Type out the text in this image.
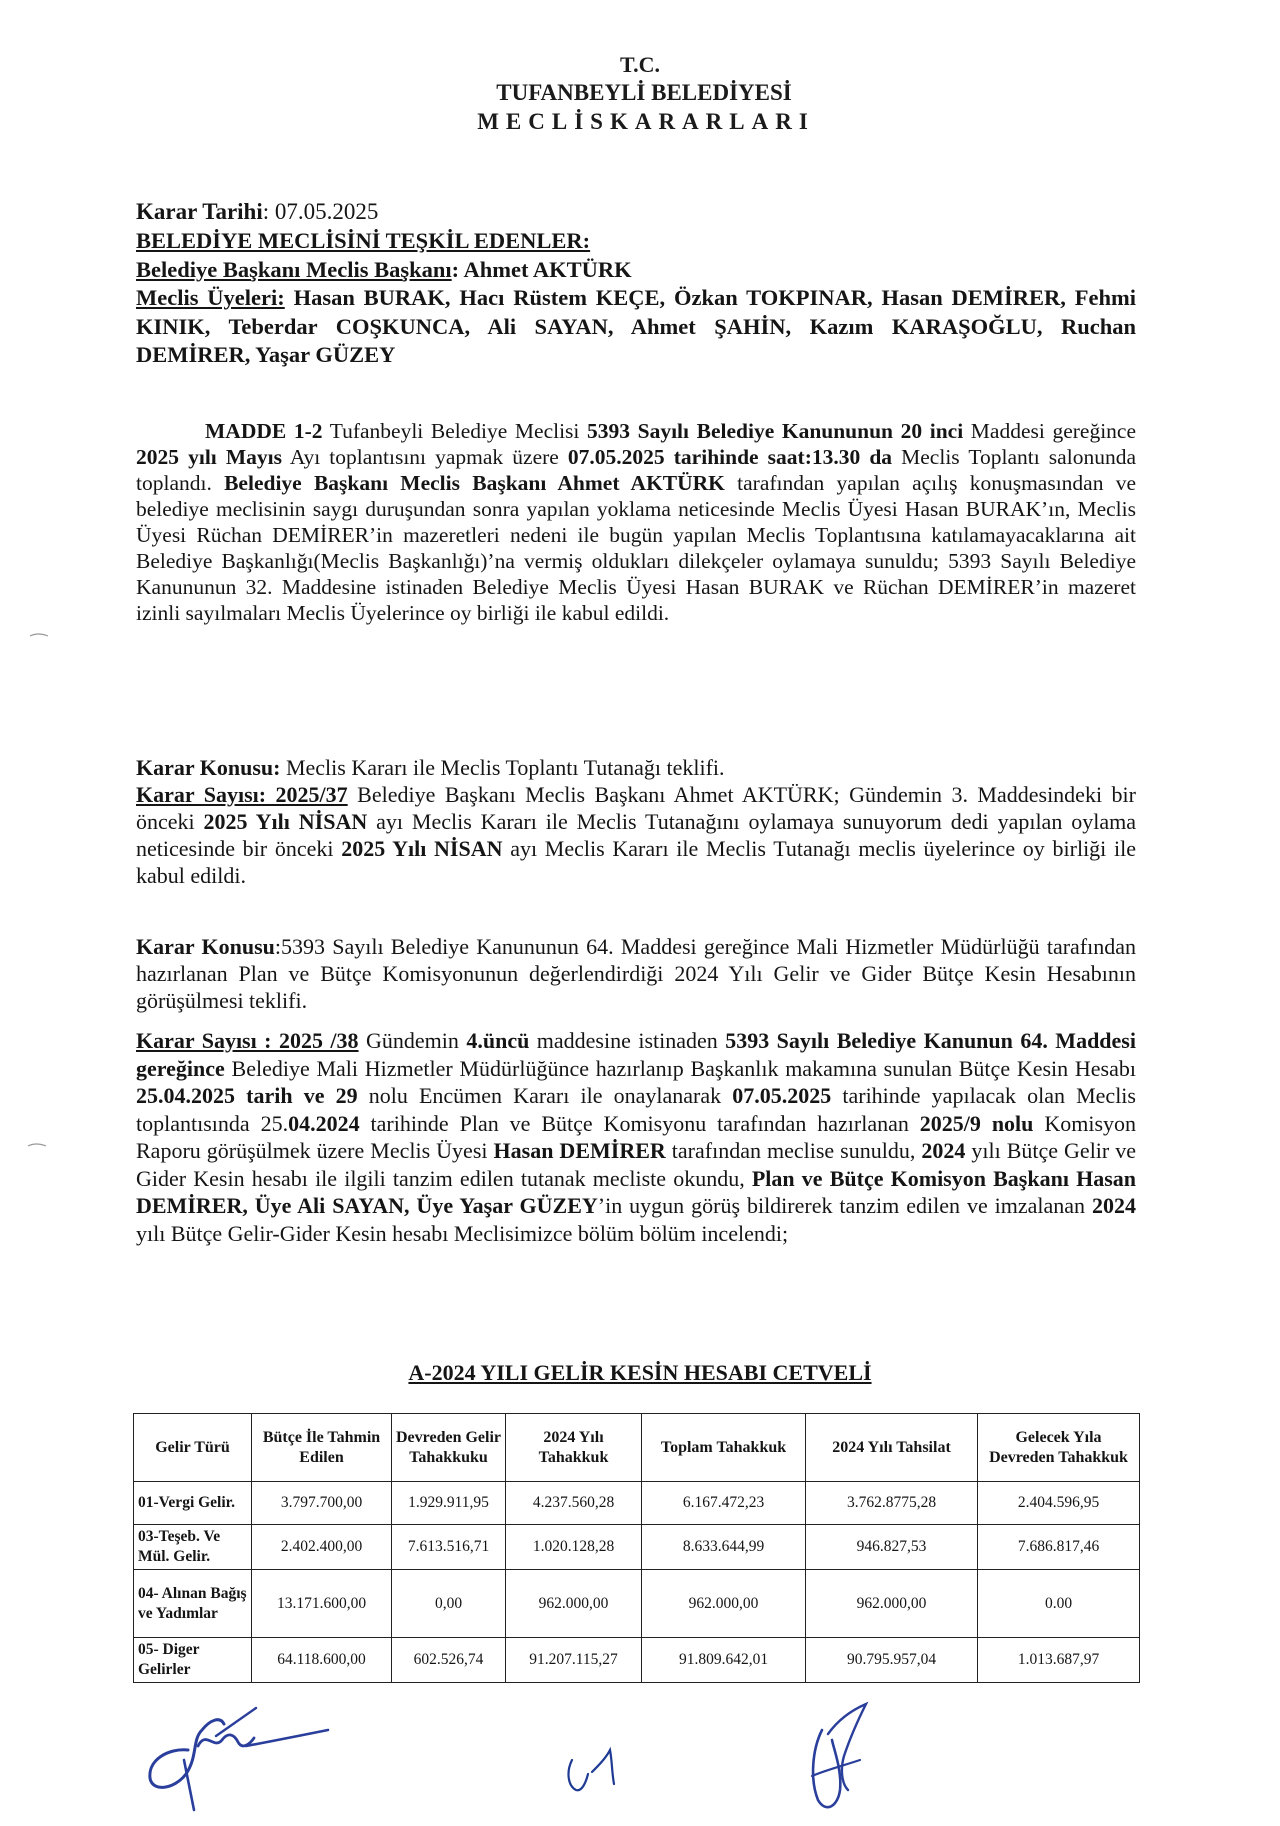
T.C.
TUFANBEYLİ BELEDİYESİ
MECLİSKARARLARI
Karar Tarihi: 07.05.2025
BELEDİYE MECLİSİNİ TEŞKİL EDENLER:
Belediye Başkanı Meclis Başkanı: Ahmet AKTÜRK
Meclis Üyeleri: Hasan BURAK, Hacı Rüstem KEÇE, Özkan TOKPINAR, Hasan DEMİRER, Fehmi KINIK, Teberdar COŞKUNCA, Ali SAYAN, Ahmet ŞAHİN, Kazım KARAŞOĞLU, Ruchan DEMİRER, Yaşar GÜZEY
MADDE 1-2 Tufanbeyli Belediye Meclisi 5393 Sayılı Belediye Kanununun 20 inci Maddesi gereğince 2025 yılı Mayıs Ayı toplantısını yapmak üzere 07.05.2025 tarihinde saat:13.30 da Meclis Toplantı salonunda toplandı. Belediye Başkanı Meclis Başkanı Ahmet AKTÜRK tarafından yapılan açılış konuşmasından ve belediye meclisinin saygı duruşundan sonra yapılan yoklama neticesinde Meclis Üyesi Hasan BURAK’ın, Meclis Üyesi Rüchan DEMİRER’in mazeretleri nedeni ile bugün yapılan Meclis Toplantısına katılamayacaklarına ait Belediye Başkanlığı(Meclis Başkanlığı)’na vermiş oldukları dilekçeler oylamaya sunuldu; 5393 Sayılı Belediye Kanununun 32. Maddesine istinaden Belediye Meclis Üyesi Hasan BURAK ve Rüchan DEMİRER’in mazeret izinli sayılmaları Meclis Üyelerince oy birliği ile kabul edildi.
Karar Konusu: Meclis Kararı ile Meclis Toplantı Tutanağı teklifi.
Karar Sayısı: 2025/37 Belediye Başkanı Meclis Başkanı Ahmet AKTÜRK; Gündemin 3. Maddesindeki bir önceki 2025 Yılı NİSAN ayı Meclis Kararı ile Meclis Tutanağını oylamaya sunuyorum dedi yapılan oylama neticesinde bir önceki 2025 Yılı NİSAN ayı Meclis Kararı ile Meclis Tutanağı meclis üyelerince oy birliği ile kabul edildi.
Karar Konusu:5393 Sayılı Belediye Kanununun 64. Maddesi gereğince Mali Hizmetler Müdürlüğü tarafından hazırlanan Plan ve Bütçe Komisyonunun değerlendirdiği 2024 Yılı Gelir ve Gider Bütçe Kesin Hesabının görüşülmesi teklifi.
Karar Sayısı : 2025 /38 Gündemin 4.üncü maddesine istinaden 5393 Sayılı Belediye Kanunun 64. Maddesi gereğince Belediye Mali Hizmetler Müdürlüğünce hazırlanıp Başkanlık makamına sunulan Bütçe Kesin Hesabı 25.04.2025 tarih ve 29 nolu Encümen Kararı ile onaylanarak 07.05.2025 tarihinde yapılacak olan Meclis toplantısında 25.04.2024 tarihinde Plan ve Bütçe Komisyonu tarafından hazırlanan 2025/9 nolu Komisyon Raporu görüşülmek üzere Meclis Üyesi Hasan DEMİRER tarafından meclise sunuldu, 2024 yılı Bütçe Gelir ve Gider Kesin hesabı ile ilgili tanzim edilen tutanak mecliste okundu, Plan ve Bütçe Komisyon Başkanı Hasan DEMİRER, Üye Ali SAYAN, Üye Yaşar GÜZEY’in uygun görüş bildirerek tanzim edilen ve imzalanan 2024 yılı Bütçe Gelir-Gider Kesin hesabı Meclisimizce bölüm bölüm incelendi;
A-2024 YILI GELİR KESİN HESABI CETVELİ
Gelir Türü	Bütçe İle Tahmin Edilen	Devreden Gelir Tahakkuku	2024 Yılı Tahakkuk	Toplam Tahakkuk	2024 Yılı Tahsilat	Gelecek Yıla Devreden Tahakkuk
01-Vergi Gelir.	3.797.700,00	1.929.911,95	4.237.560,28	6.167.472,23	3.762.8775,28	2.404.596,95
03-Teşeb. Ve Mül. Gelir.	2.402.400,00	7.613.516,71	1.020.128,28	8.633.644,99	946.827,53	7.686.817,46
04- Alınan Bağış ve Yadımlar	13.171.600,00	0,00	962.000,00	962.000,00	962.000,00	0.00
05- Diger Gelirler	64.118.600,00	602.526,74	91.207.115,27	91.809.642,01	90.795.957,04	1.013.687,97
